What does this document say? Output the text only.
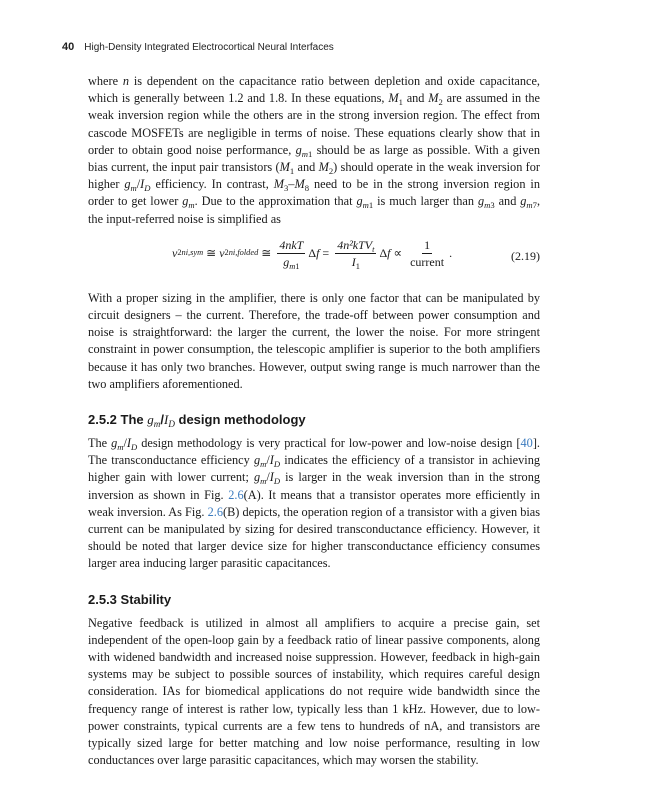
40 High-Density Integrated Electrocortical Neural Interfaces

where n is dependent on the capacitance ratio between depletion and oxide capacitance, which is generally between 1.2 and 1.8. In these equations, $M_1$ and $M_2$ are assumed in the weak inversion region while the others are in the strong inversion region. The effect from cascode MOSFETs are negligible in terms of noise. These equations clearly show that in order to obtain good noise performance, $g_{m1}$ should be as large as possible. With a given bias current, the input pair transistors ($M_1$ and $M_2$) should operate in the weak inversion for higher $g_m/I_D$ efficiency. In contrast, $M_3-M_8$ need to be in the strong inversion region in order to get lower $g_m$. Due to the approximation that $g_{m1}$ is much larger than $g_{m3}$ and $g_{m7}$, the input-referred noise is simplified as

v 2 ni,sym ≅ v 2 ni,folded ≅ $\frac{\text{4nkT}}{g_{m1}}$ $\Delta f = \frac{4n^2kTV_t}{I_1}$ $\Delta f \propto \frac{1}{\text{current}}$ .	(2.19)

With a proper sizing in the amplifier, there is only one factor that can be manipulated by circuit designers – the current. Therefore, the trade-off between power consumption and noise is straightforward: the larger the current, the lower the noise. For more stringent constraint in power consumption, the telescopic amplifier is superior to the both amplifiers because it has only two branches. However, output swing range is much narrower than the two amplifiers aforementioned.

2.5.2 The $g_m/I_D$ design methodology

The $g_m/I_D$ design methodology is very practical for low-power and low-noise design [40]. The transconductance efficiency $g_m/I_D$ indicates the efficiency of a transistor in achieving higher gain with lower current; $g_m/I_D$ is larger in the weak inversion than in the strong inversion as shown in Fig. 2.6(A). It means that a transistor operates more efficiently in weak inversion. As Fig. 2.6(B) depicts, the operation region of a transistor with a given bias current can be manipulated by sizing for desired transconductance efficiency. However, it should be noted that larger device size for higher transconductance efficiency consumes larger area inducing larger parasitic capacitances.

2.5.3 Stability

Negative feedback is utilized in almost all amplifiers to acquire a precise gain, set independent of the open-loop gain by a feedback ratio of linear passive components, along with widened bandwidth and increased noise suppression. However, feedback in high-gain systems may be subject to possible sources of instability, which requires careful design consideration. IAs for biomedical applications do not require wide bandwidth since the frequency range of interest is rather low, typically less than 1 kHz. However, due to low-power constraints, typical currents are a few tens to hundreds of nA, and transistors are typically sized large for better matching and low noise performance, resulting in low conductances over large parasitic capacitances, which may worsen the stability.
